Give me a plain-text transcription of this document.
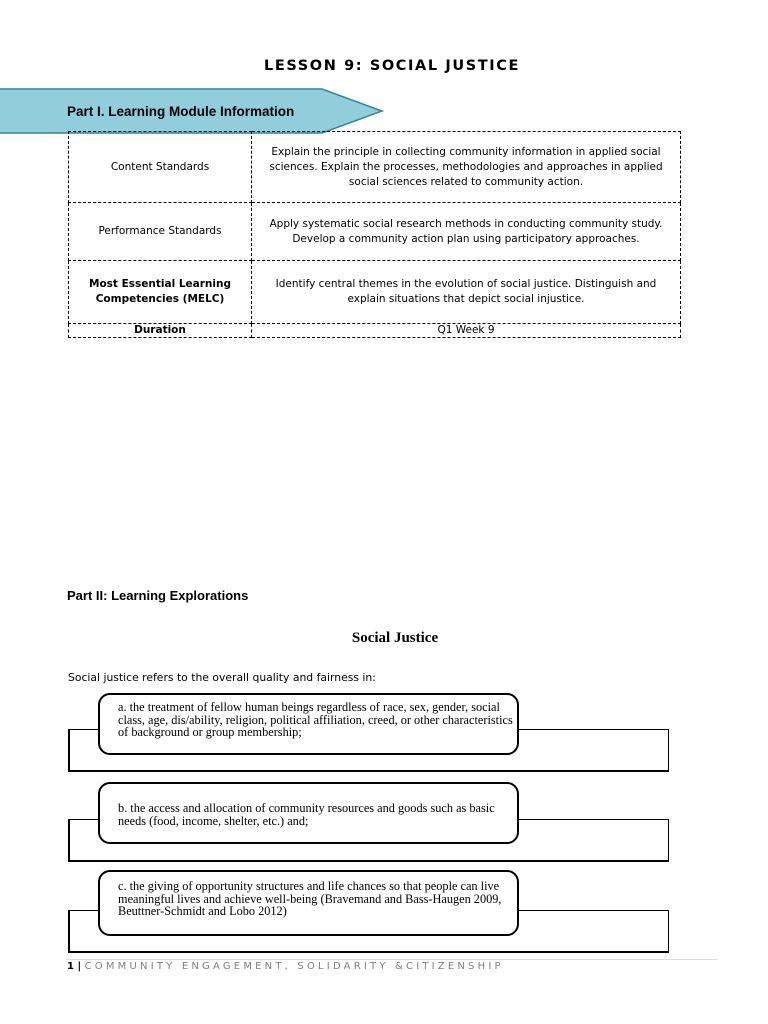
LESSON 9: SOCIAL JUSTICE
Part I. Learning Module Information
Content Standards	Explain the principle in collecting community information in applied social sciences. Explain the processes, methodologies and approaches in applied social sciences related to community action.
Performance Standards	Apply systematic social research methods in conducting community study. Develop a community action plan using participatory approaches.
Most Essential Learning Competencies (MELC)	Identify central themes in the evolution of social justice. Distinguish and explain situations that depict social injustice.
Duration	Q1 Week 9
Part II: Learning Explorations
Social Justice
Social justice refers to the overall quality and fairness in:
a. the treatment of fellow human beings regardless of race, sex, gender, social class, age, dis/ability, religion, political affiliation, creed, or other characteristics of background or group membership;
b. the access and allocation of community resources and goods such as basic needs (food, income, shelter, etc.) and;
c. the giving of opportunity structures and life chances so that people can live meaningful lives and achieve well-being (Bravemand and Bass-Haugen 2009, Beuttner-Schmidt and Lobo 2012)
1 | COMMUNITY ENGAGEMENT, SOLIDARITY &CITIZENSHIP
